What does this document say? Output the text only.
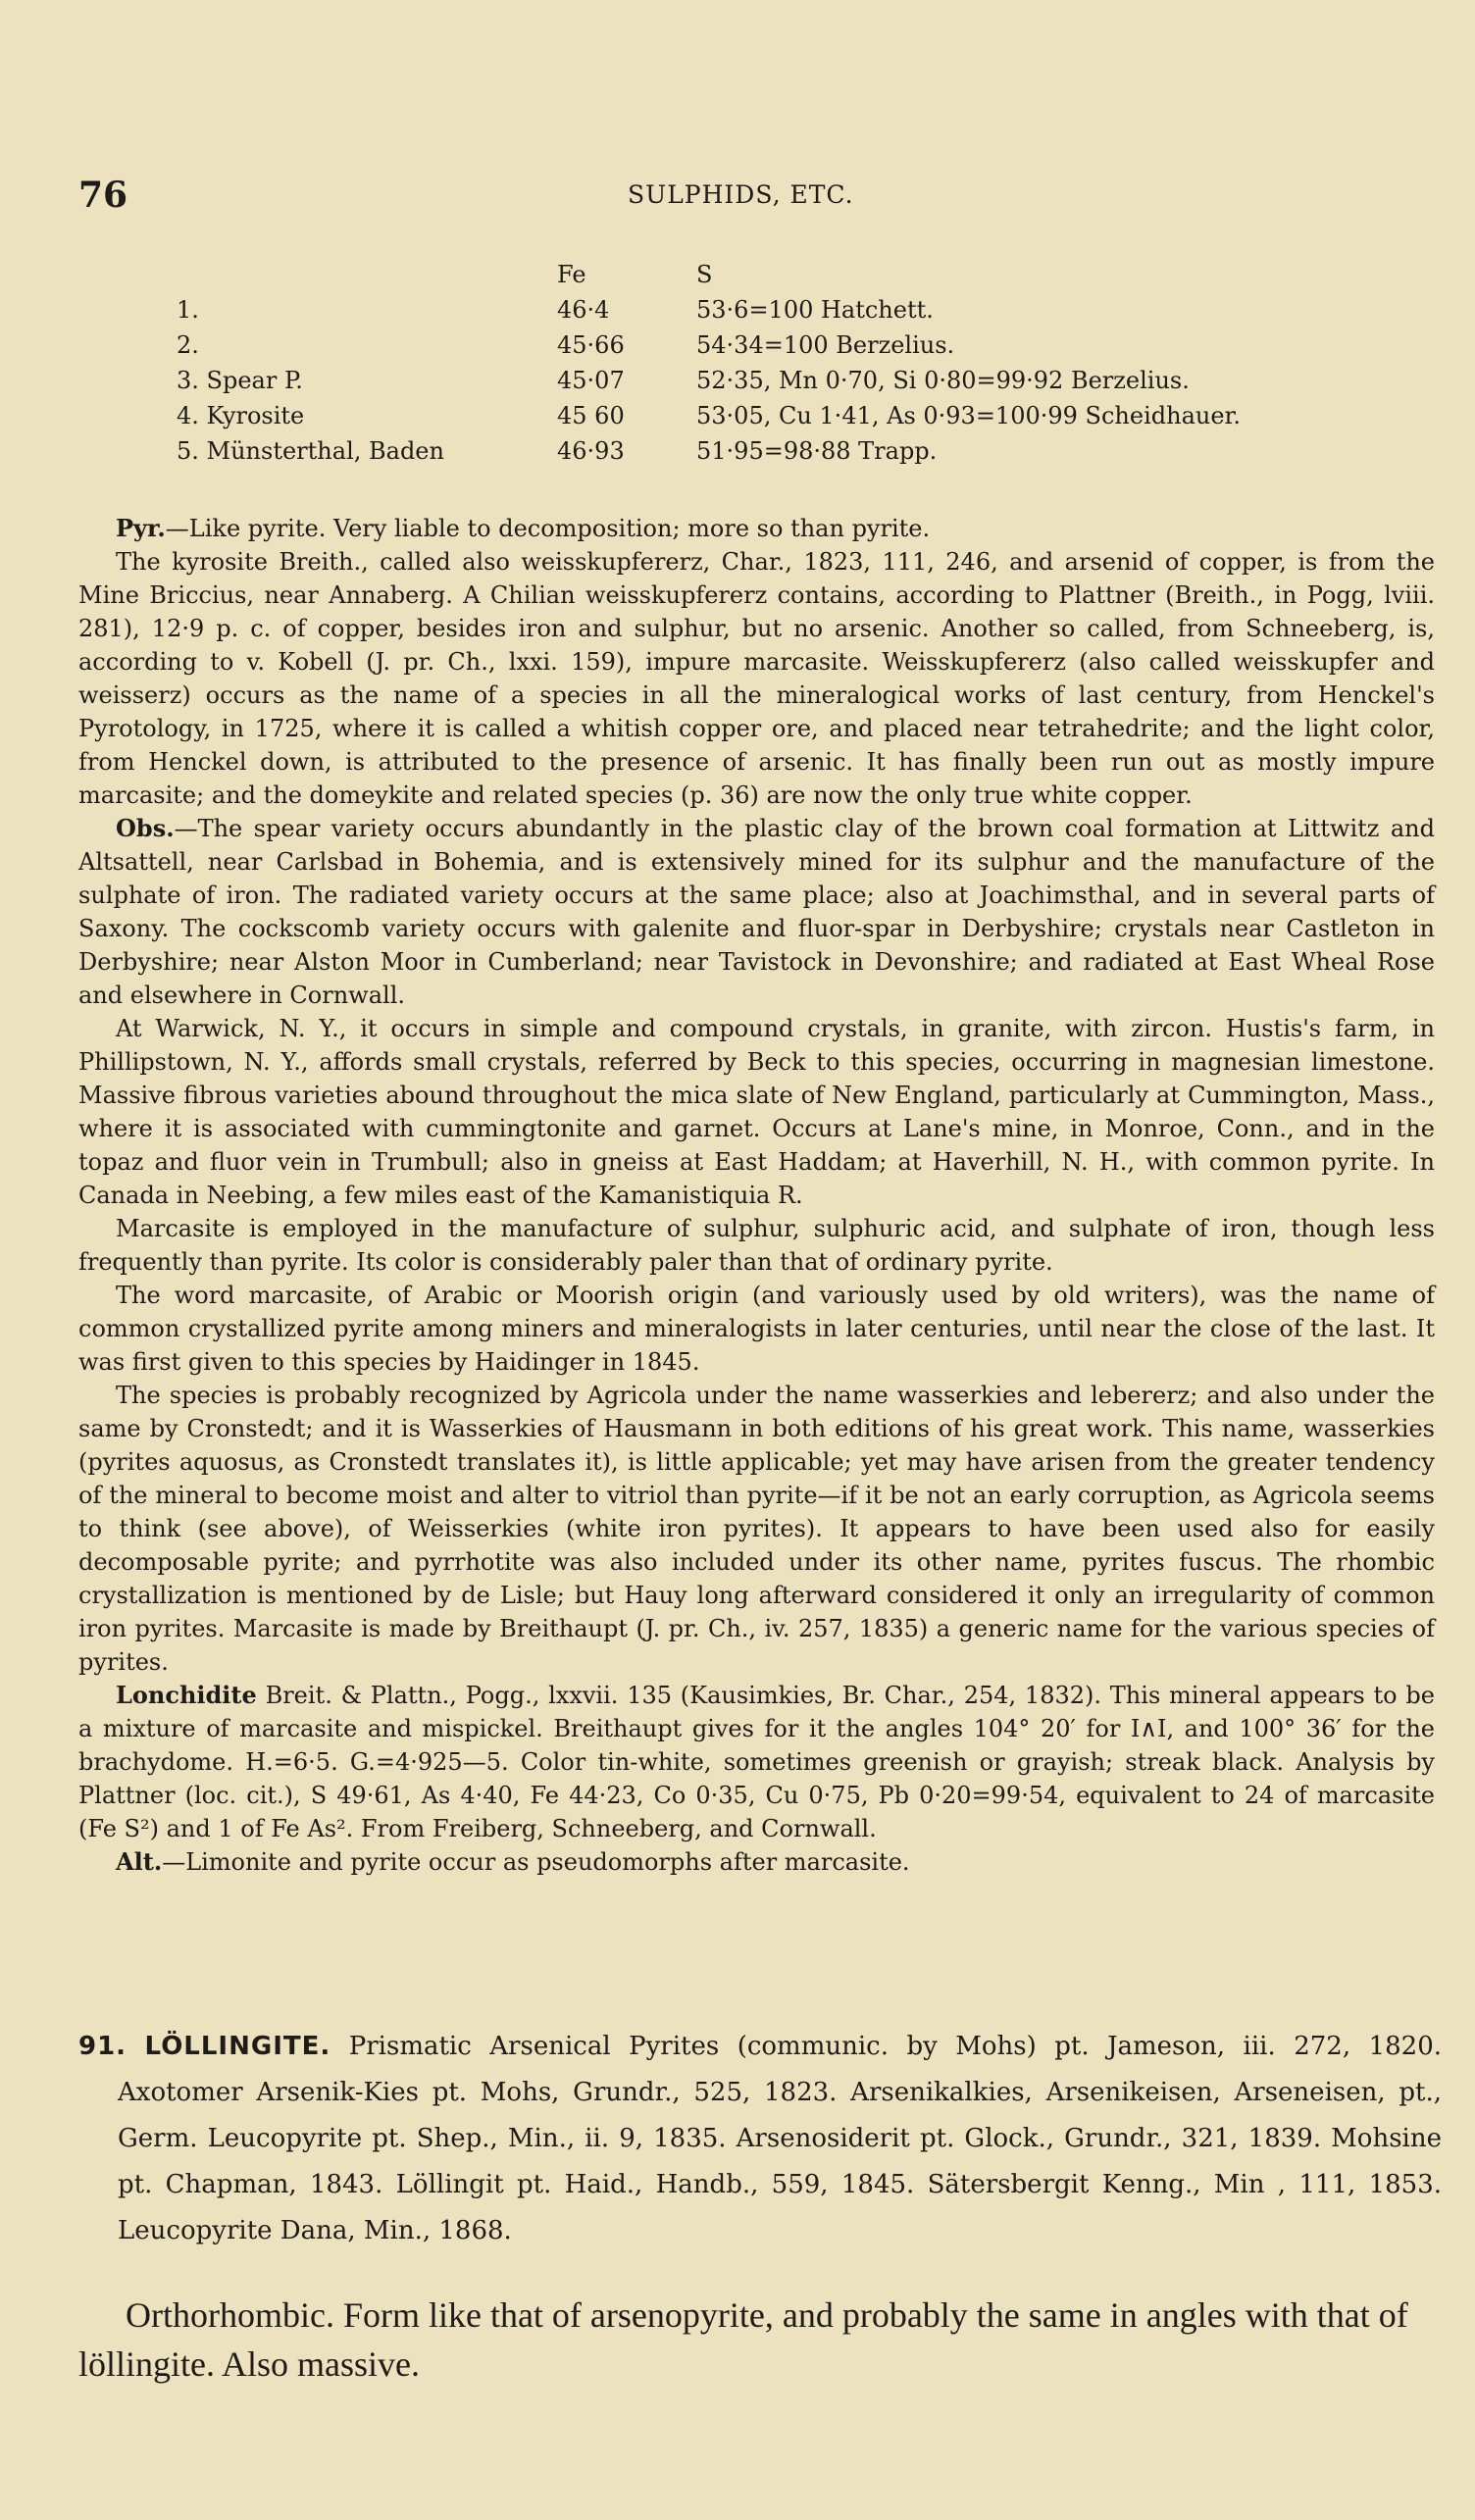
76	SULPHIDS, ETC.
Fe	S
1.	46·4	53·6=100 Hatchett.
2.	45·66	54·34=100 Berzelius.
3. Spear P.	45·07	52·35, Mn 0·70, Si 0·80=99·92 Berzelius.
4. Kyrosite	45 60	53·05, Cu 1·41, As 0·93=100·99 Scheidhauer.
5. Münsterthal, Baden	46·93	51·95=98·88 Trapp.

Pyr.—Like pyrite. Very liable to decomposition; more so than pyrite.

The kyrosite Breith., called also weisskupfererz, Char., 1823, 111, 246, and arsenid of copper, is from the Mine Briccius, near Annaberg. A Chilian weisskupfererz contains, according to Plattner (Breith., in Pogg, lviii. 281), 12·9 p. c. of copper, besides iron and sulphur, but no arsenic. Another so called, from Schneeberg, is, according to v. Kobell (J. pr. Ch., lxxi. 159), impure marcasite. Weisskupfererz (also called weisskupfer and weisserz) occurs as the name of a species in all the mineralogical works of last century, from Henckel's Pyrotology, in 1725, where it is called a whitish copper ore, and placed near tetrahedrite; and the light color, from Henckel down, is attributed to the presence of arsenic. It has finally been run out as mostly impure marcasite; and the domeykite and related species (p. 36) are now the only true white copper.

Obs.—The spear variety occurs abundantly in the plastic clay of the brown coal formation at Littwitz and Altsattell, near Carlsbad in Bohemia, and is extensively mined for its sulphur and the manufacture of the sulphate of iron. The radiated variety occurs at the same place; also at Joachimsthal, and in several parts of Saxony. The cockscomb variety occurs with galenite and fluor-spar in Derbyshire; crystals near Castleton in Derbyshire; near Alston Moor in Cumberland; near Tavistock in Devonshire; and radiated at East Wheal Rose and elsewhere in Cornwall.

At Warwick, N. Y., it occurs in simple and compound crystals, in granite, with zircon. Hustis's farm, in Phillipstown, N. Y., affords small crystals, referred by Beck to this species, occurring in magnesian limestone. Massive fibrous varieties abound throughout the mica slate of New England, particularly at Cummington, Mass., where it is associated with cummingtonite and garnet. Occurs at Lane's mine, in Monroe, Conn., and in the topaz and fluor vein in Trumbull; also in gneiss at East Haddam; at Haverhill, N. H., with common pyrite. In Canada in Neebing, a few miles east of the Kamanistiquia R.

Marcasite is employed in the manufacture of sulphur, sulphuric acid, and sulphate of iron, though less frequently than pyrite. Its color is considerably paler than that of ordinary pyrite.

The word marcasite, of Arabic or Moorish origin (and variously used by old writers), was the name of common crystallized pyrite among miners and mineralogists in later centuries, until near the close of the last. It was first given to this species by Haidinger in 1845.

The species is probably recognized by Agricola under the name wasserkies and lebererz; and also under the same by Cronstedt; and it is Wasserkies of Hausmann in both editions of his great work. This name, wasserkies (pyrites aquosus, as Cronstedt translates it), is little applicable; yet may have arisen from the greater tendency of the mineral to become moist and alter to vitriol than pyrite—if it be not an early corruption, as Agricola seems to think (see above), of Weisserkies (white iron pyrites). It appears to have been used also for easily decomposable pyrite; and pyrrhotite was also included under its other name, pyrites fuscus. The rhombic crystallization is mentioned by de Lisle; but Hauy long afterward considered it only an irregularity of common iron pyrites. Marcasite is made by Breithaupt (J. pr. Ch., iv. 257, 1835) a generic name for the various species of pyrites.

Lonchidite Breit. & Plattn., Pogg., lxxvii. 135 (Kausimkies, Br. Char., 254, 1832). This mineral appears to be a mixture of marcasite and mispickel. Breithaupt gives for it the angles 104° 20′ for I∧I, and 100° 36′ for the brachydome. H.=6·5. G.=4·925—5. Color tin-white, sometimes greenish or grayish; streak black. Analysis by Plattner (loc. cit.), S 49·61, As 4·40, Fe 44·23, Co 0·35, Cu 0·75, Pb 0·20=99·54, equivalent to 24 of marcasite (Fe S²) and 1 of Fe As². From Freiberg, Schneeberg, and Cornwall.

Alt.—Limonite and pyrite occur as pseudomorphs after marcasite.

91. LÖLLINGITE. Prismatic Arsenical Pyrites (communic. by Mohs) pt. Jameson, iii. 272, 1820. Axotomer Arsenik-Kies pt. Mohs, Grundr., 525, 1823. Arsenikalkies, Arsenikeisen, Arseneisen, pt., Germ. Leucopyrite pt. Shep., Min., ii. 9, 1835. Arsenosiderit pt. Glock., Grundr., 321, 1839. Mohsine pt. Chapman, 1843. Löllingit pt. Haid., Handb., 559, 1845. Sätersbergit Kenng., Min , 111, 1853. Leucopyrite Dana, Min., 1868.

Orthorhombic. Form like that of arsenopyrite, and probably the same in angles with that of löllingite. Also massive.
